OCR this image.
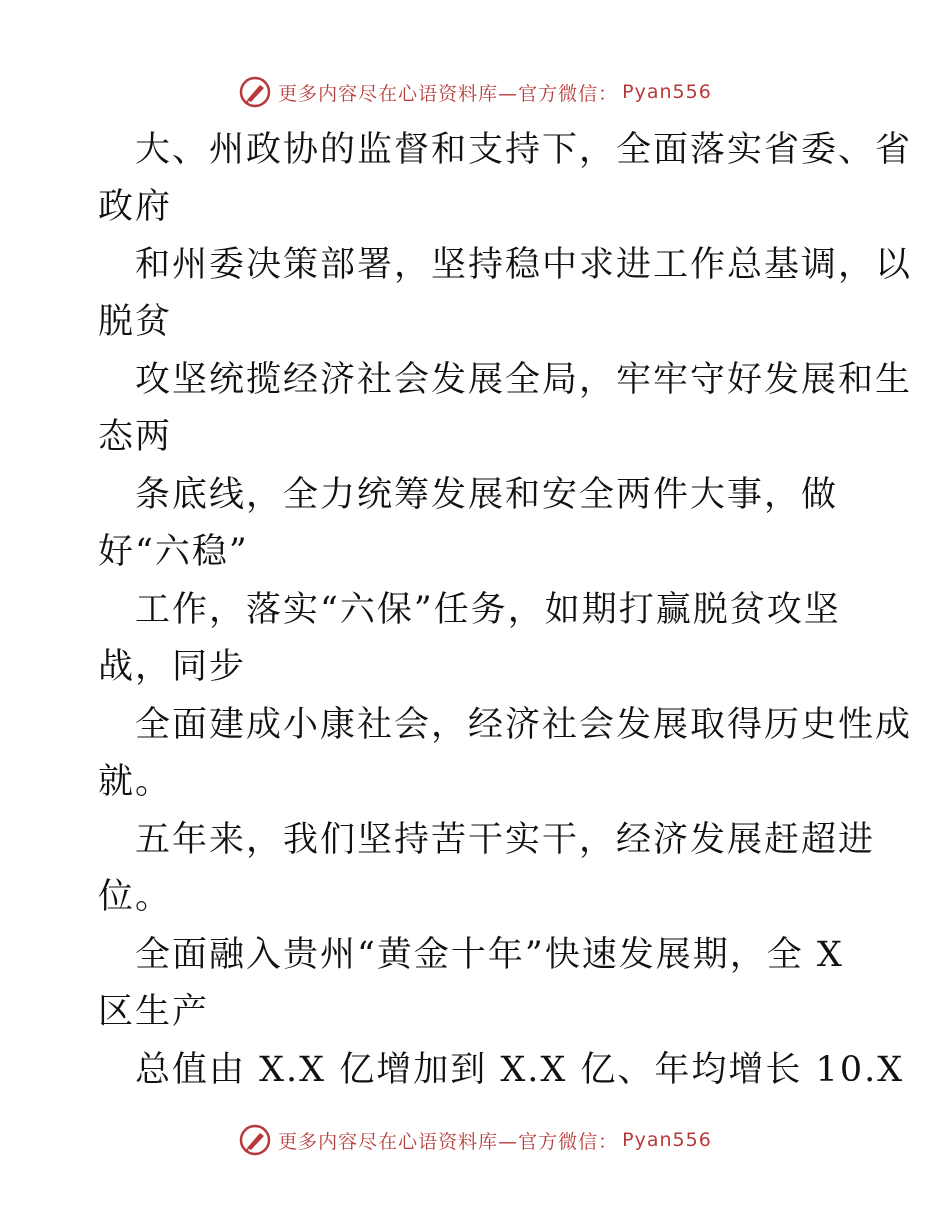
更多内容尽在心语资料库—官方微信： Pyan556
大、州政协的监督和支持下，全面落实省委、省
政府
和州委决策部署，坚持稳中求进工作总基调，以
脱贫
攻坚统揽经济社会发展全局，牢牢守好发展和生
态两
条底线，全力统筹发展和安全两件大事，做
好“六稳”
工作，落实“六保”任务，如期打赢脱贫攻坚
战，同步
全面建成小康社会，经济社会发展取得历史性成
就。
五年来，我们坚持苦干实干，经济发展赶超进
位。
全面融入贵州“黄金十年”快速发展期，全 X
区生产
总值由 X.X 亿增加到 X.X 亿、年均增长 10.X
更多内容尽在心语资料库—官方微信： Pyan556
